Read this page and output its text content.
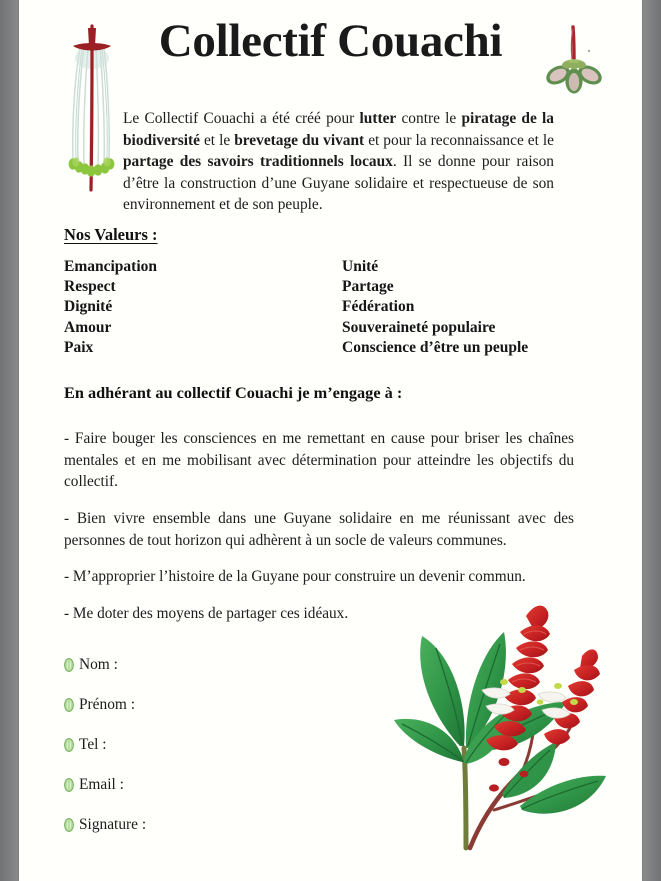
Collectif Couachi

Le Collectif Couachi a été créé pour lutter contre le piratage de la biodiversité et le brevetage du vivant et pour la reconnaissance et le partage des savoirs traditionnels locaux. Il se donne pour raison d’être la construction d’une Guyane solidaire et respectueuse de son environnement et de son peuple.

Nos Valeurs :
Emancipation	Unité
Respect	Partage
Dignité	Fédération
Amour	Souveraineté populaire
Paix	Conscience d’être un peuple
En adhérant au collectif Couachi je m’engage à :

- Faire bouger les consciences en me remettant en cause pour briser les chaînes mentales et en me mobilisant avec détermination pour atteindre les objectifs du collectif.

- Bien vivre ensemble dans une Guyane solidaire en me réunissant avec des personnes de tout horizon qui adhèrent à un socle de valeurs communes.

- M’approprier l’histoire de la Guyane pour construire un devenir commun.

- Me doter des moyens de partager ces idéaux.

Nom :
Prénom :
Tel :
Email :
Signature :
